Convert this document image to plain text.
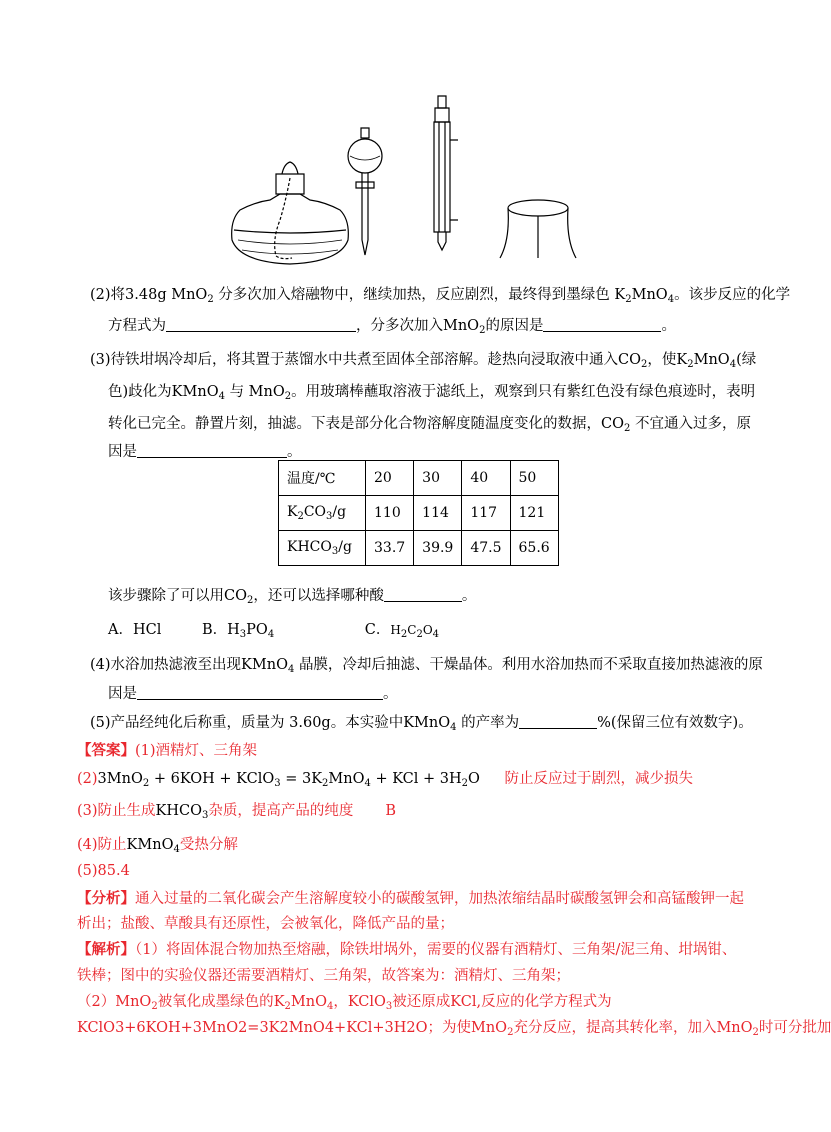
(2)将3.48g MnO$_2$ 分多次加入熔融物中，继续加热，反应剧烈，最终得到墨绿色 $K_2MnO_4$。该步反应的化学
方程式为	，分多次加入MnO$_2$的原因是	。
(3)待铁坩埚冷却后，将其置于蒸馏水中共煮至固体全部溶解。趁热向浸取液中通入$CO_2$，使$K_2MnO_4$(绿
色)歧化为KMnO$_4$ 与 MnO$_2$。用玻璃棒蘸取溶液于滤纸上，观察到只有紫红色没有绿色痕迹时，表明
转化已完全。静置片刻，抽滤。下表是部分化合物溶解度随温度变化的数据，$CO_2$ 不宜通入过多，原
因是	。
温度/℃	20	30	40	50
$K_2CO_3/g$	110	114	117	121
$KHCO_3/g$	33.7	39.9	47.5	65.6
该步骤除了可以用$CO_2$，还可以选择哪种酸	。
A．HCl	B．$H_3PO_4$	C．$H_2C_2O_4$
(4)水浴加热滤液至出现KMnO$_4$ 晶膜，冷却后抽滤、干燥晶体。利用水浴加热而不采取直接加热滤液的原
因是	。
(5)产品经纯化后称重，质量为 3.60g。本实验中KMnO$_4$ 的产率为	%(保留三位有效数字)。
【答案】(1)酒精灯、三角架
(2)3MnO$_2$ + 6KOH + KClO$_3$ = $3K_2MnO_4$ + KCl + $3H_2O$ 防止反应过于剧烈，减少损失
(3)防止生成$KHCO_3$杂质，提高产品的纯度 B
(4)防止KMnO$_4$受热分解
(5)85.4
【分析】通入过量的二氧化碳会产生溶解度较小的碳酸氢钾，加热浓缩结晶时碳酸氢钾会和高锰酸钾一起
析出；盐酸、草酸具有还原性，会被氧化，降低产品的量；
【解析】（1）将固体混合物加热至熔融，除铁坩埚外，需要的仪器有酒精灯、三角架/泥三角、坩埚钳、
铁棒；图中的实验仪器还需要酒精灯、三角架，故答案为：酒精灯、三角架；
（2）MnO$_2$被氧化成墨绿色的$K_2MnO_4$，KClO$_3$被还原成KCl,反应的化学方程式为
KClO3+6KOH+3MnO2=3K2MnO4+KCl+3H2O；为使MnO$_2$充分反应，提高其转化率，加入MnO$_2$时可分批加
